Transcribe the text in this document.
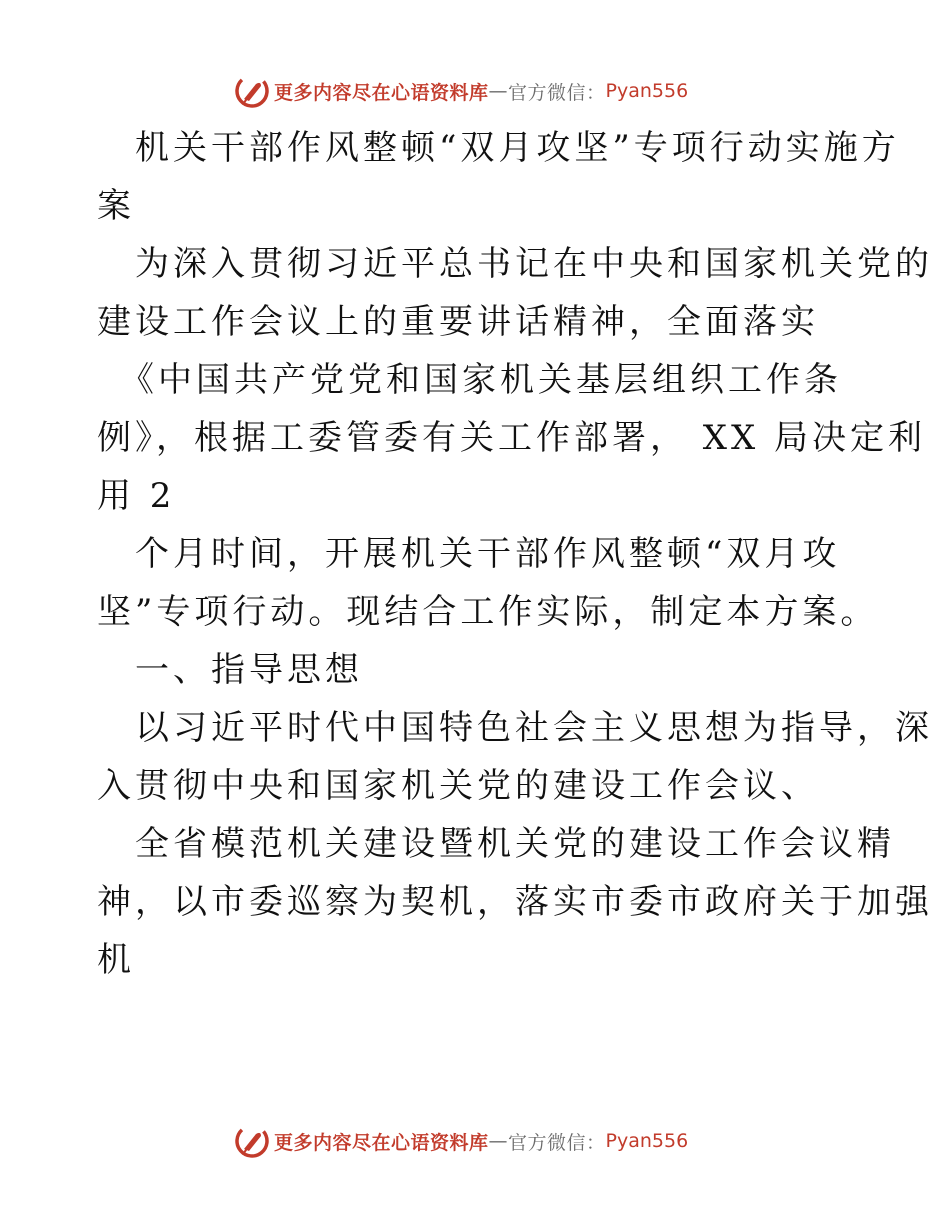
更多内容尽在心语资料库 — 官方微信： Pyan556
机关干部作风整顿“双月攻坚”专项行动实施方
案
为深入贯彻习近平总书记在中央和国家机关党的
建设工作会议上的重要讲话精神，全面落实
《中国共产党党和国家机关基层组织工作条
例》，根据工委管委有关工作部署， XX 局决定利
用 2
个月时间，开展机关干部作风整顿“双月攻
坚”专项行动。现结合工作实际，制定本方案。
一、指导思想
以习近平时代中国特色社会主义思想为指导，深
入贯彻中央和国家机关党的建设工作会议、
全省模范机关建设暨机关党的建设工作会议精
神，以市委巡察为契机，落实市委市政府关于加强
机
更多内容尽在心语资料库 — 官方微信： Pyan556
